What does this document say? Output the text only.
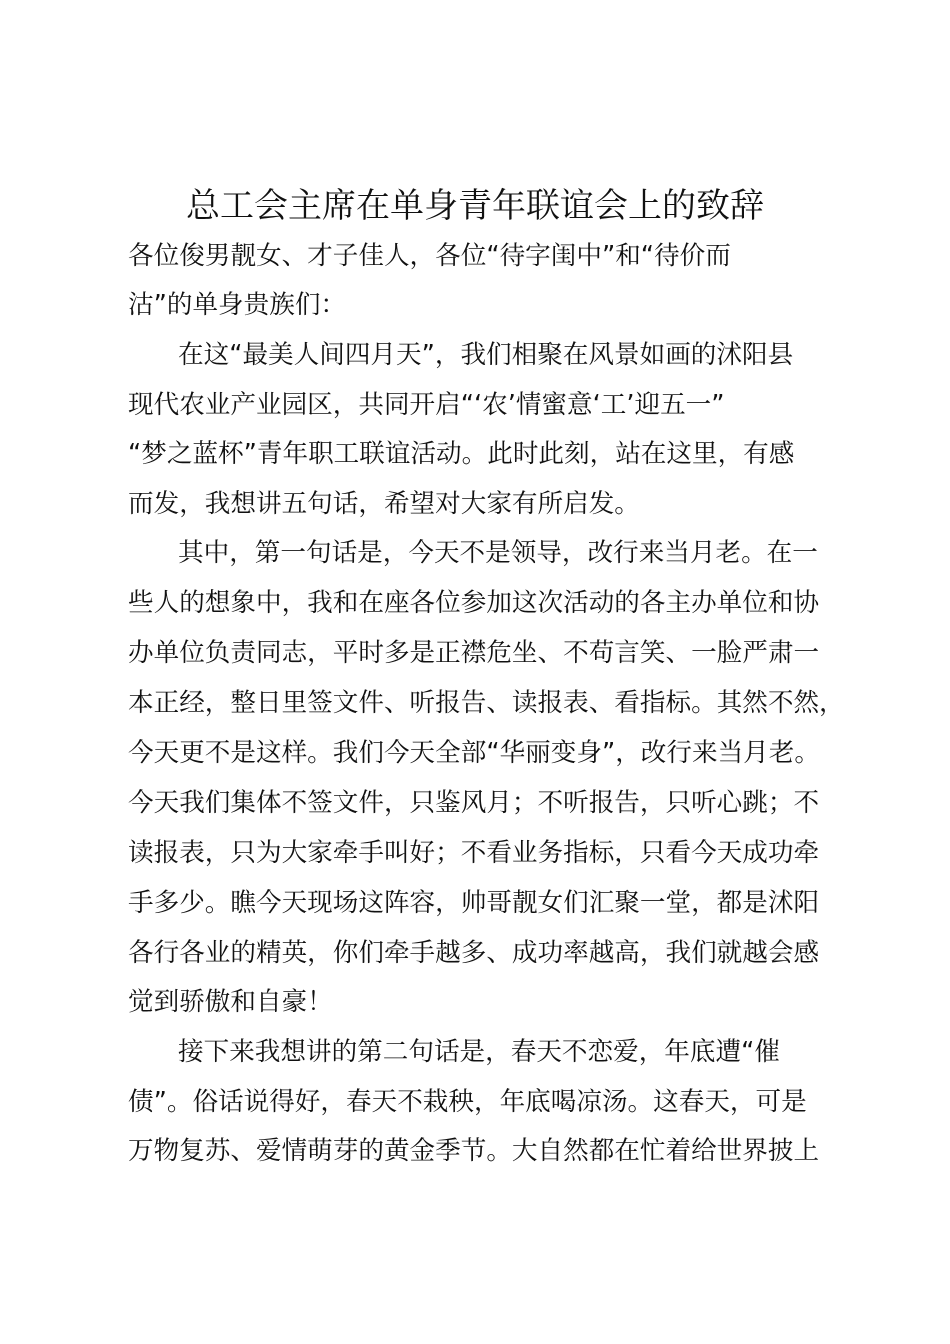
总工会主席在单身青年联谊会上的致辞
各位俊男靓女、才子佳人，各位“待字闺中”和“待价而
沽”的单身贵族们：
在这“最美人间四月天”，我们相聚在风景如画的沭阳县
现代农业产业园区，共同开启“‘农’情蜜意‘工’迎五一”
“梦之蓝杯”青年职工联谊活动。此时此刻，站在这里，有感
而发，我想讲五句话，希望对大家有所启发。
其中，第一句话是，今天不是领导，改行来当月老。在一
些人的想象中，我和在座各位参加这次活动的各主办单位和协
办单位负责同志，平时多是正襟危坐、不苟言笑、一脸严肃一
本正经，整日里签文件、听报告、读报表、看指标。其然不然，
今天更不是这样。我们今天全部“华丽变身”，改行来当月老。
今天我们集体不签文件，只鉴风月；不听报告，只听心跳；不
读报表，只为大家牵手叫好；不看业务指标，只看今天成功牵
手多少。瞧今天现场这阵容，帅哥靓女们汇聚一堂，都是沭阳
各行各业的精英，你们牵手越多、成功率越高，我们就越会感
觉到骄傲和自豪！
接下来我想讲的第二句话是，春天不恋爱，年底遭“催
债”。俗话说得好，春天不栽秧，年底喝凉汤。这春天，可是
万物复苏、爱情萌芽的黄金季节。大自然都在忙着给世界披上
